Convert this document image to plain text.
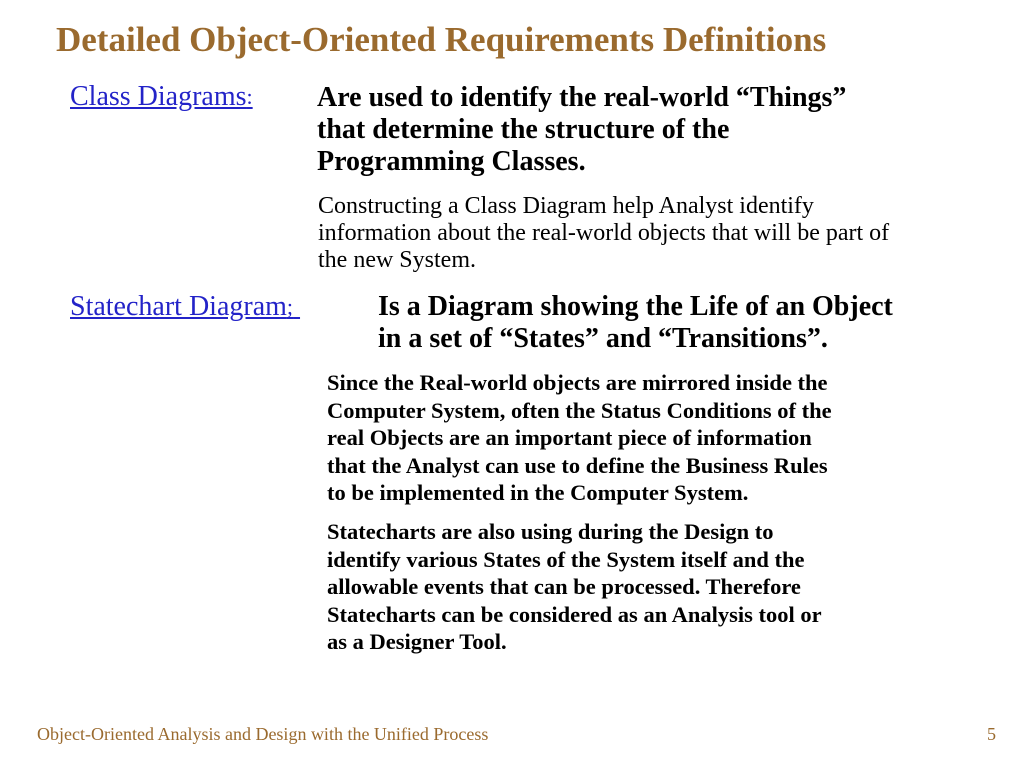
Detailed Object-Oriented Requirements Definitions
Class Diagrams: Are used to identify the real-world “Things”
that determine the structure of the
Programming Classes.

Constructing a Class Diagram help Analyst identify
information about the real-world objects that will be part of
the new System.

Statechart Diagram;	Is a Diagram showing the Life of an Object
in a set of “States” and “Transitions”.

Since the Real-world objects are mirrored inside the
Computer System, often the Status Conditions of the
real Objects are an important piece of information
that the Analyst can use to define the Business Rules
to be implemented in the Computer System.

Statecharts are also using during the Design to
identify various States of the System itself and the
allowable events that can be processed. Therefore
Statecharts can be considered as an Analysis tool or
as a Designer Tool.

Object-Oriented Analysis and Design with the Unified Process	5
